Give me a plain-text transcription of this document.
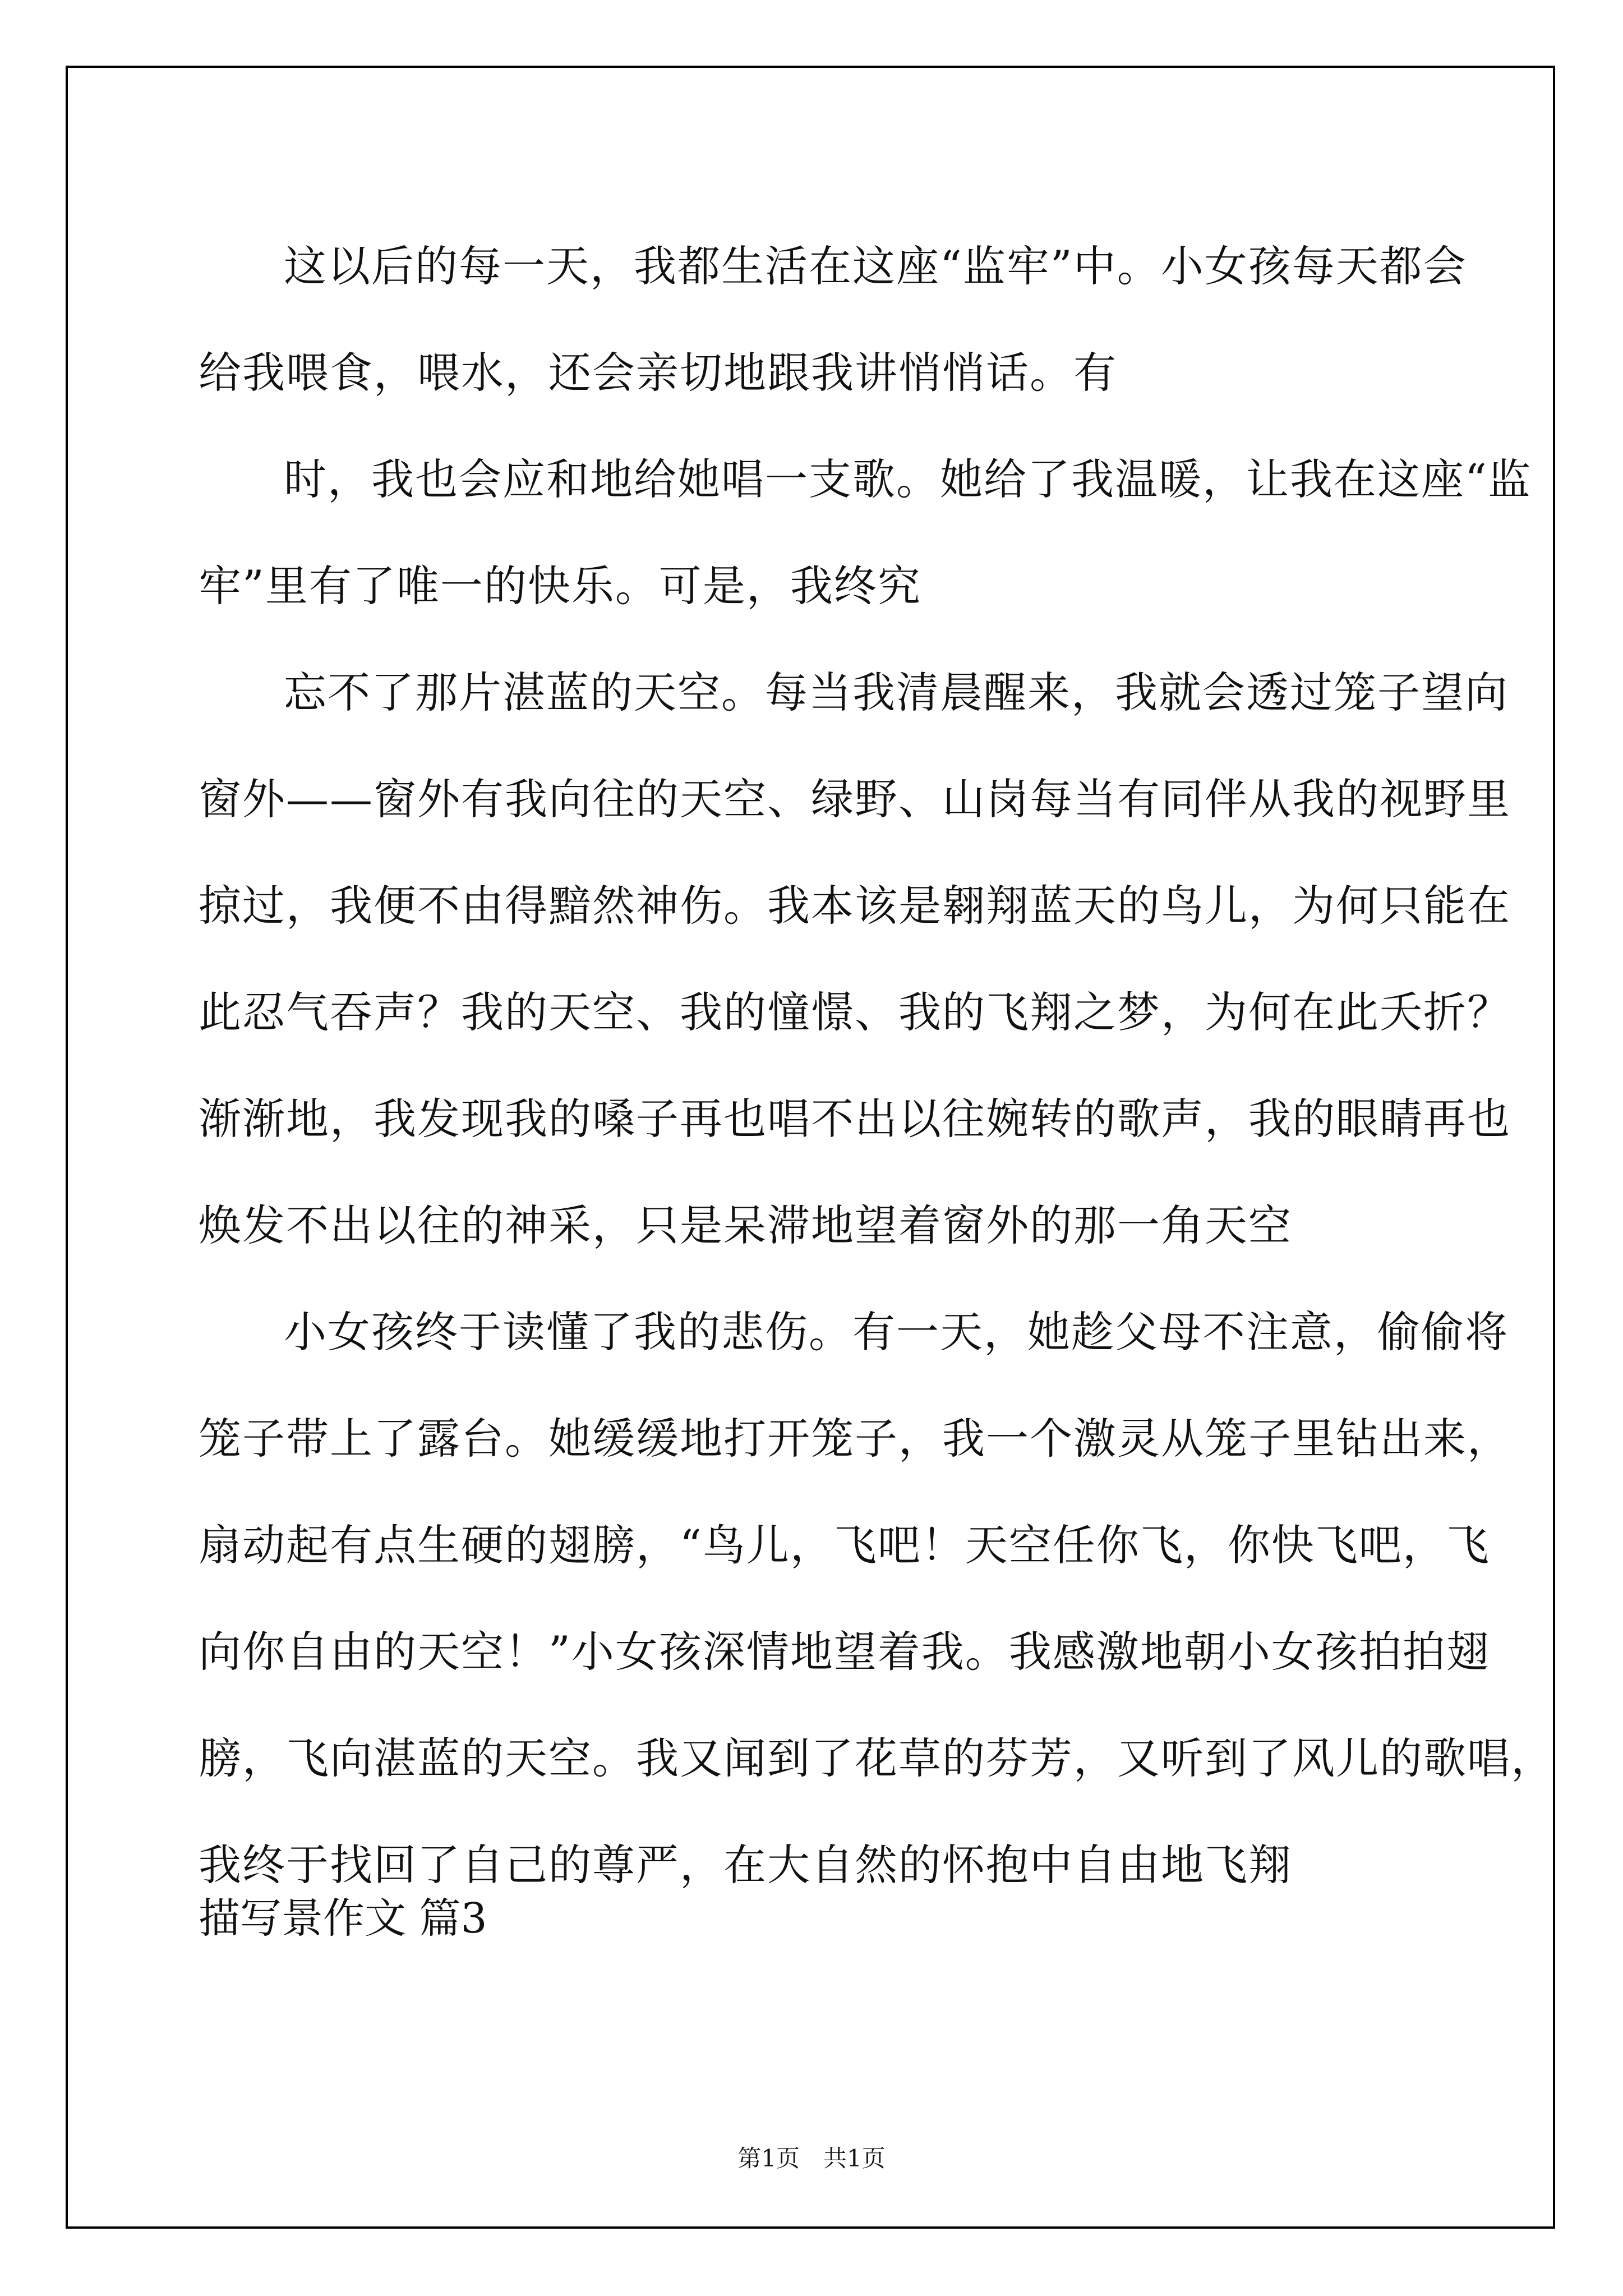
这以后的每一天，我都生活在这座“监牢”中。小女孩每天都会

给我喂食，喂水，还会亲切地跟我讲悄悄话。有

时，我也会应和地给她唱一支歌。她给了我温暖，让我在这座“监

牢”里有了唯一的快乐。可是，我终究

忘不了那片湛蓝的天空。每当我清晨醒来，我就会透过笼子望向

窗外——窗外有我向往的天空、绿野、山岗每当有同伴从我的视野里

掠过，我便不由得黯然神伤。我本该是翱翔蓝天的鸟儿，为何只能在

此忍气吞声？我的天空、我的憧憬、我的飞翔之梦，为何在此夭折？

渐渐地，我发现我的嗓子再也唱不出以往婉转的歌声，我的眼睛再也

焕发不出以往的神采，只是呆滞地望着窗外的那一角天空

小女孩终于读懂了我的悲伤。有一天，她趁父母不注意，偷偷将

笼子带上了露台。她缓缓地打开笼子，我一个激灵从笼子里钻出来，

扇动起有点生硬的翅膀，“鸟儿，飞吧！天空任你飞，你快飞吧，飞

向你自由的天空！”小女孩深情地望着我。我感激地朝小女孩拍拍翅

膀，飞向湛蓝的天空。我又闻到了花草的芬芳，又听到了风儿的歌唱，

我终于找回了自己的尊严，在大自然的怀抱中自由地飞翔

描写景作文 篇3
第1页　共1页
